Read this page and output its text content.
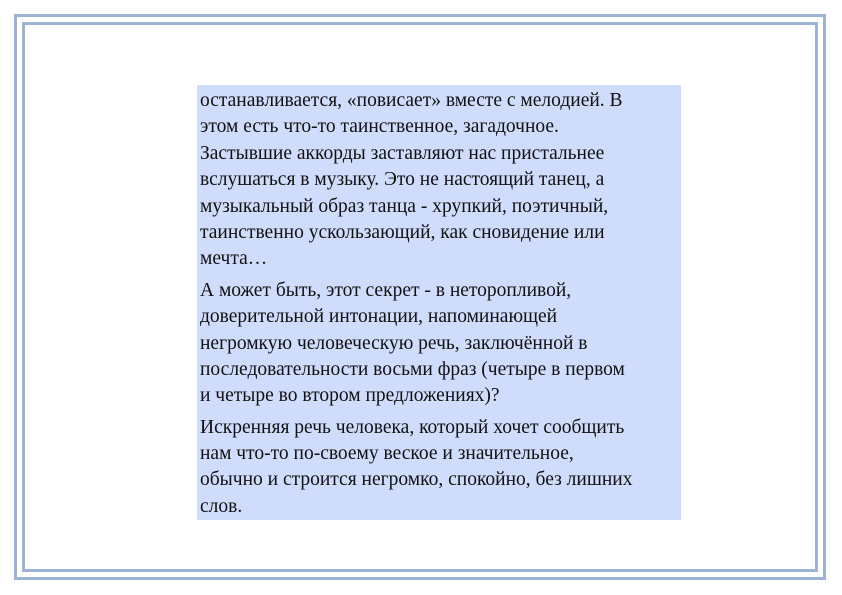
останавливается, «повисает» вместе с мелодией. В
этом есть что-то таинственное, загадочное.
Застывшие аккорды заставляют нас пристальнее
вслушаться в музыку. Это не настоящий танец, а
музыкальный образ танца - хрупкий, поэтичный,
таинственно ускользающий, как сновидение или
мечта…

А может быть, этот секрет - в неторопливой,
доверительной интонации, напоминающей
негромкую человеческую речь, заключённой в
последовательности восьми фраз (четыре в первом
и четыре во втором предложениях)?

Искренняя речь человека, который хочет сообщить
нам что-то по-своему веское и значительное,
обычно и строится негромко, спокойно, без лишних
слов.
